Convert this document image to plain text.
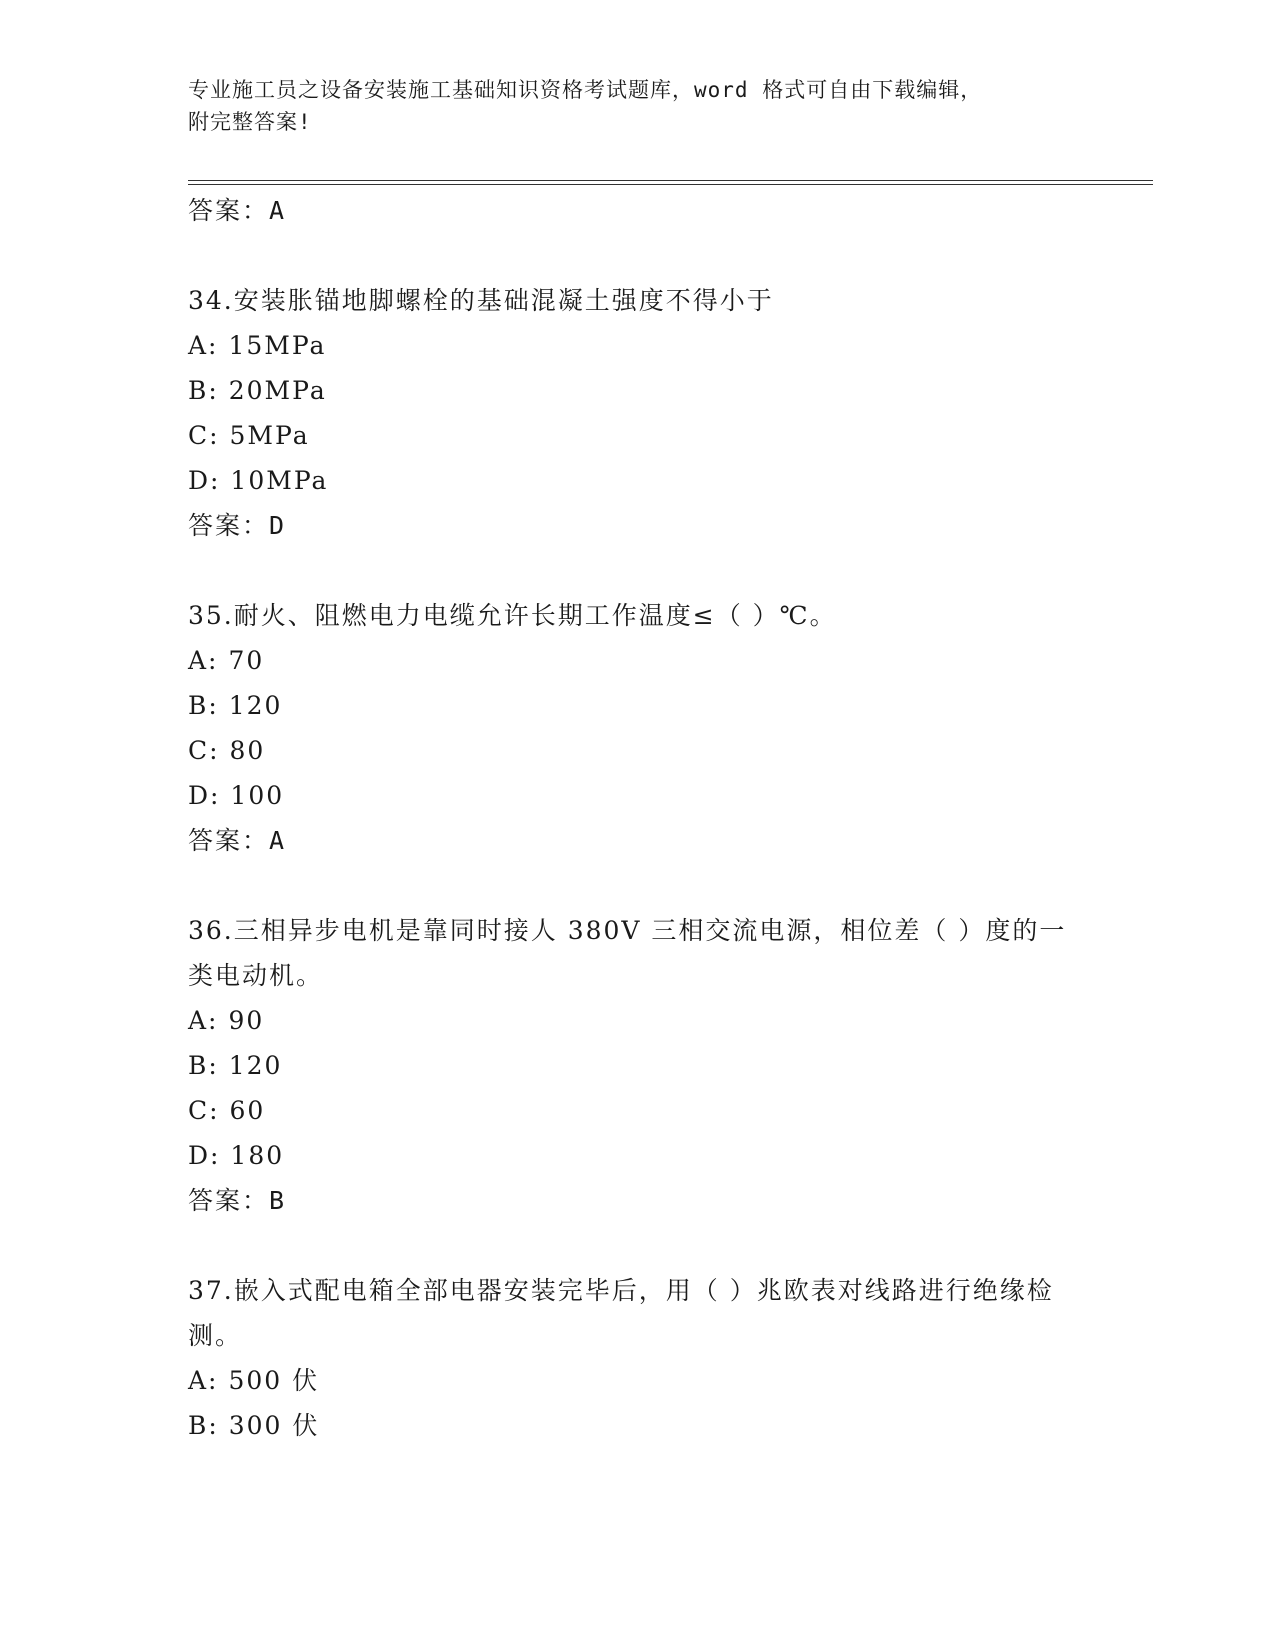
专业施工员之设备安装施工基础知识资格考试题库，word 格式可自由下载编辑，
附完整答案!
答案：A
34.安装胀锚地脚螺栓的基础混凝土强度不得小于
A: 15MPa
B: 20MPa
C: 5MPa
D: 10MPa
答案：D
35.耐火、阻燃电力电缆允许长期工作温度≤（ ）℃。
A: 70
B: 120
C: 80
D: 100
答案：A
36.三相异步电机是靠同时接人 380V 三相交流电源，相位差（ ）度的一类电动机。
A: 90
B: 120
C: 60
D: 180
答案：B
37.嵌入式配电箱全部电器安装完毕后，用（ ）兆欧表对线路进行绝缘检测。
A: 500 伏
B: 300 伏
